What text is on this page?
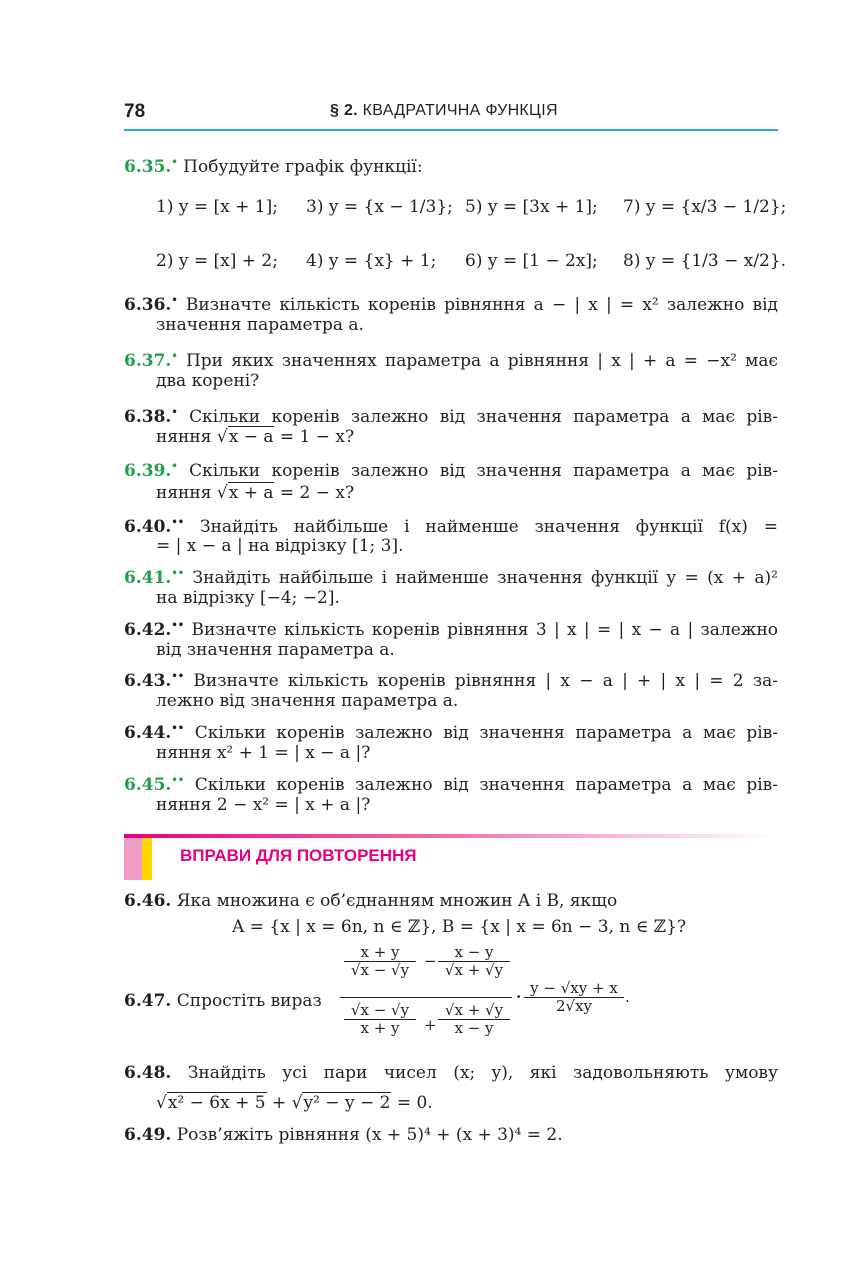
78	§ 2. КВАДРАТИЧНА ФУНКЦІЯ
6.35.• Побудуйте графік функції:
1) y = [x + 1]; 3) y = {x − 1/3}; 5) y = [3x + 1]; 7) y = {x/3 − 1/2};
2) y = [x] + 2; 4) y = {x} + 1; 6) y = [1 − 2x]; 8) y = {1/3 − x/2}.
6.36.• Визначте кількість коренів рівняння a − | x | = x² залежно від
значення параметра a.
6.37.• При яких значеннях параметра a рівняння | x | + a = −x² має
два корені?
6.38.• Скільки коренів залежно від значення параметра a має рів-
няння √x − a = 1 − x?
6.39.• Скільки коренів залежно від значення параметра a має рів-
няння √x + a = 2 − x?
6.40.•• Знайдіть найбільше і найменше значення функції f(x) =
= | x − a | на відрізку [1; 3].
6.41.•• Знайдіть найбільше і найменше значення функції y = (x + a)²
на відрізку [−4; −2].
6.42.•• Визначте кількість коренів рівняння 3 | x | = | x − a | залежно
від значення параметра a.
6.43.•• Визначте кількість коренів рівняння | x − a | + | x | = 2 за-
лежно від значення параметра a.
6.44.•• Скільки коренів залежно від значення параметра a має рів-
няння x² + 1 = | x − a |?
6.45.•• Скільки коренів залежно від значення параметра a має рів-
няння 2 − x² = | x + a |?
ВПРАВИ ДЛЯ ПОВТОРЕННЯ
6.46. Яка множина є об’єднанням множин A і B, якщо
A = {x | x = 6n, n ∈ ℤ}, B = {x | x = 6n − 3, n ∈ ℤ}?
6.47. Спростіть вираз
$\frac{x + y}{√x - √y} - \frac{x - y}{√x + √y}$
$\frac{√x - √y}{x + y} + \frac{√x + √y}{x - y}$
· $\frac{y - √xy + x}{2√xy}$ .
6.48. Знайдіть усі пари чисел (x; y), які задовольняють умову
√x² − 6x + 5 + √y² − y − 2 = 0.
6.49. Розв’яжіть рівняння (x + 5)⁴ + (x + 3)⁴ = 2.
